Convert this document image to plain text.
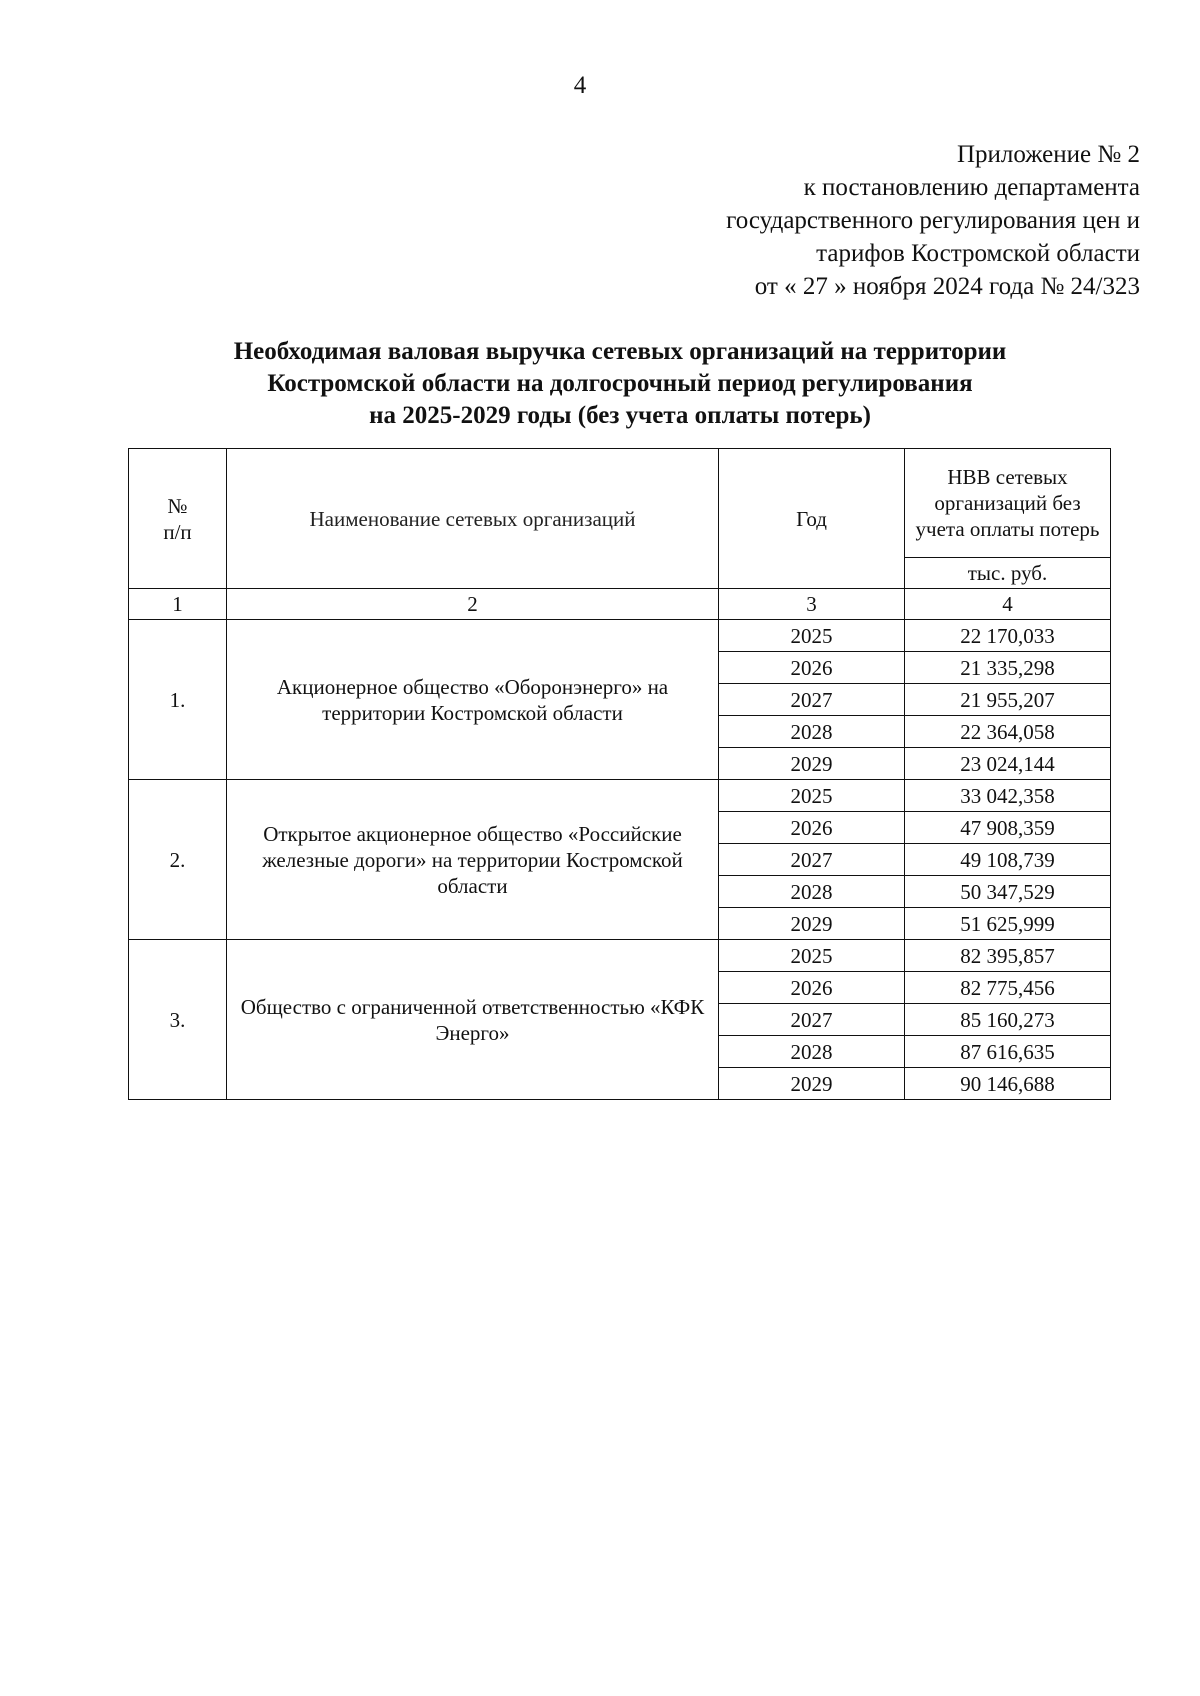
4
Приложение № 2
к постановлению департамента
государственного регулирования цен и
тарифов Костромской области
от « 27 » ноября 2024 года № 24/323
Необходимая валовая выручка сетевых организаций на территории
Костромской области на долгосрочный период регулирования
на 2025-2029 годы (без учета оплаты потерь)
№
п/п	Наименование сетевых организаций	Год	НВВ сетевых организаций без учета оплаты потерь
			тыс. руб.
1	2	3	4
1.	Акционерное общество «Оборонэнерго» на территории Костромской области	2025	22 170,033
		2026	21 335,298
		2027	21 955,207
		2028	22 364,058
		2029	23 024,144
2.	Открытое акционерное общество «Российские железные дороги» на территории Костромской области	2025	33 042,358
		2026	47 908,359
		2027	49 108,739
		2028	50 347,529
		2029	51 625,999
3.	Общество с ограниченной ответственностью «КФК Энерго»	2025	82 395,857
		2026	82 775,456
		2027	85 160,273
		2028	87 616,635
		2029	90 146,688
